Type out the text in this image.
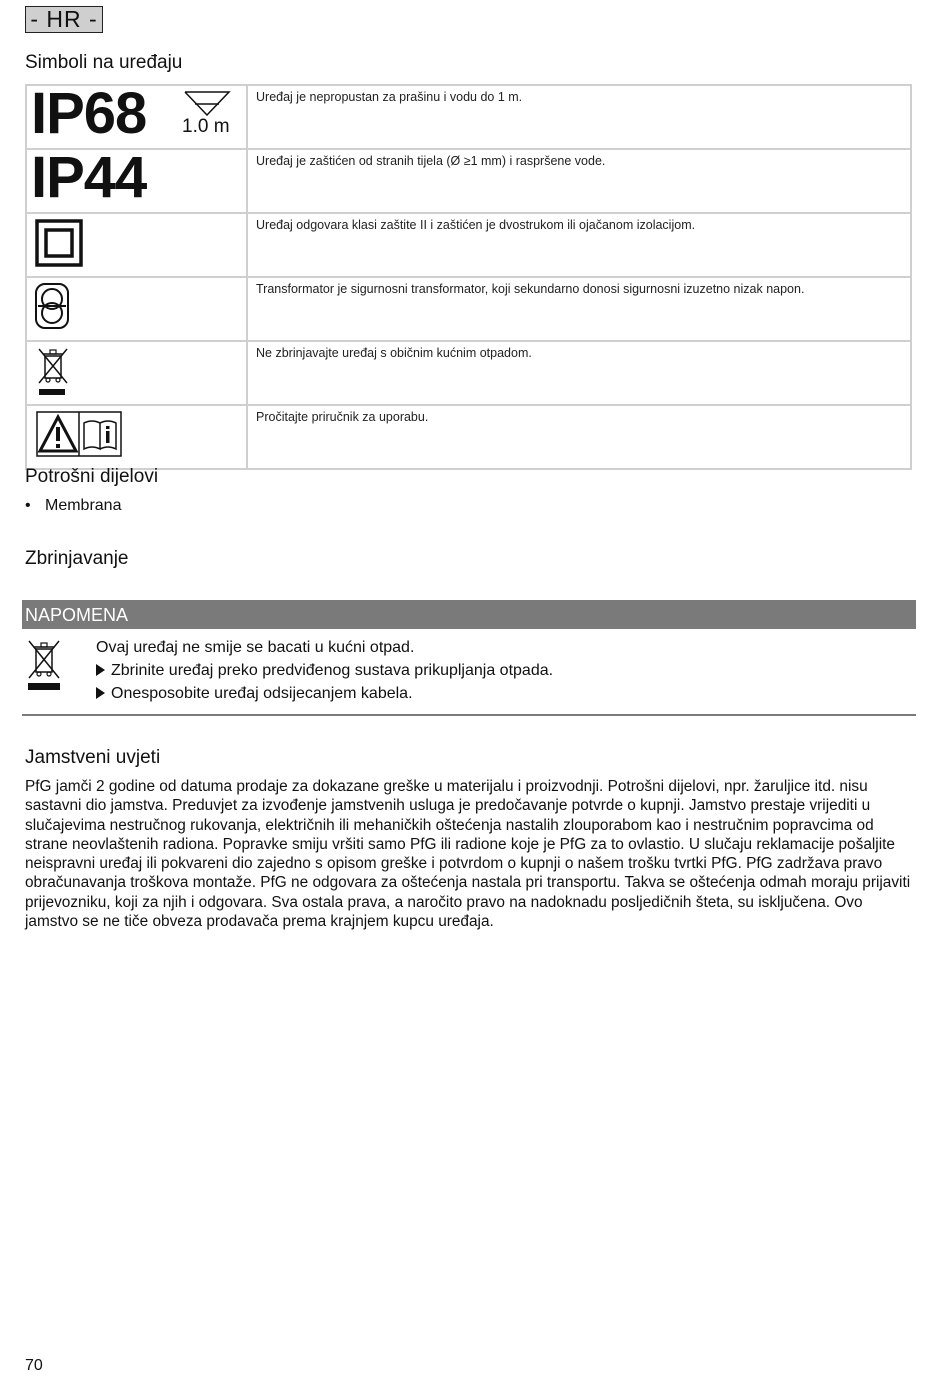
- HR -
Simboli na uređaju
IP68 1.0 m	Uređaj je nepropustan za prašinu i vodu do 1 m.

IP44	Uređaj je zaštićen od stranih tijela (Ø ≥1 mm) i raspršene vode.

	Uređaj odgovara klasi zaštite II i zaštićen je dvostrukom ili ojačanom izolacijom.

	Transformator je sigurnosni transformator, koji sekundarno donosi sigurnosni izuzetno nizak napon.

	Ne zbrinjavajte uređaj s običnim kućnim otpadom.

	Pročitajte priručnik za uporabu.
Potrošni dijelovi
• Membrana
Zbrinjavanje
NAPOMENA
Ovaj uređaj ne smije se bacati u kućni otpad.
Zbrinite uređaj preko predviđenog sustava prikupljanja otpada.
Onesposobite uređaj odsijecanjem kabela.
Jamstveni uvjeti

PfG jamči 2 godine od datuma prodaje za dokazane greške u materijalu i proizvodnji. Potrošni dijelovi, npr. žaruljice itd. nisu sastavni dio jamstva. Preduvjet za izvođenje jamstvenih usluga je predočavanje potvrde o kupnji. Jamstvo prestaje vrijediti u slučajevima nestručnog rukovanja, električnih ili mehaničkih oštećenja nastalih zlouporabom kao i nestručnim popravcima od strane neovlaštenih radiona. Popravke smiju vršiti samo PfG ili radione koje je PfG za to ovlastio. U slučaju reklamacije pošaljite neispravni uređaj ili pokvareni dio zajedno s opisom greške i potvrdom o kupnji o našem trošku tvrtki PfG. PfG zadržava pravo obračunavanja troškova montaže. PfG ne odgovara za oštećenja nastala pri transportu. Takva se oštećenja odmah moraju prijaviti prijevozniku, koji za njih i odgovara. Sva ostala prava, a naročito pravo na nadoknadu posljedičnih šteta, su isključena. Ovo jamstvo se ne tiče obveza prodavača prema krajnjem kupcu uređaja.

70
